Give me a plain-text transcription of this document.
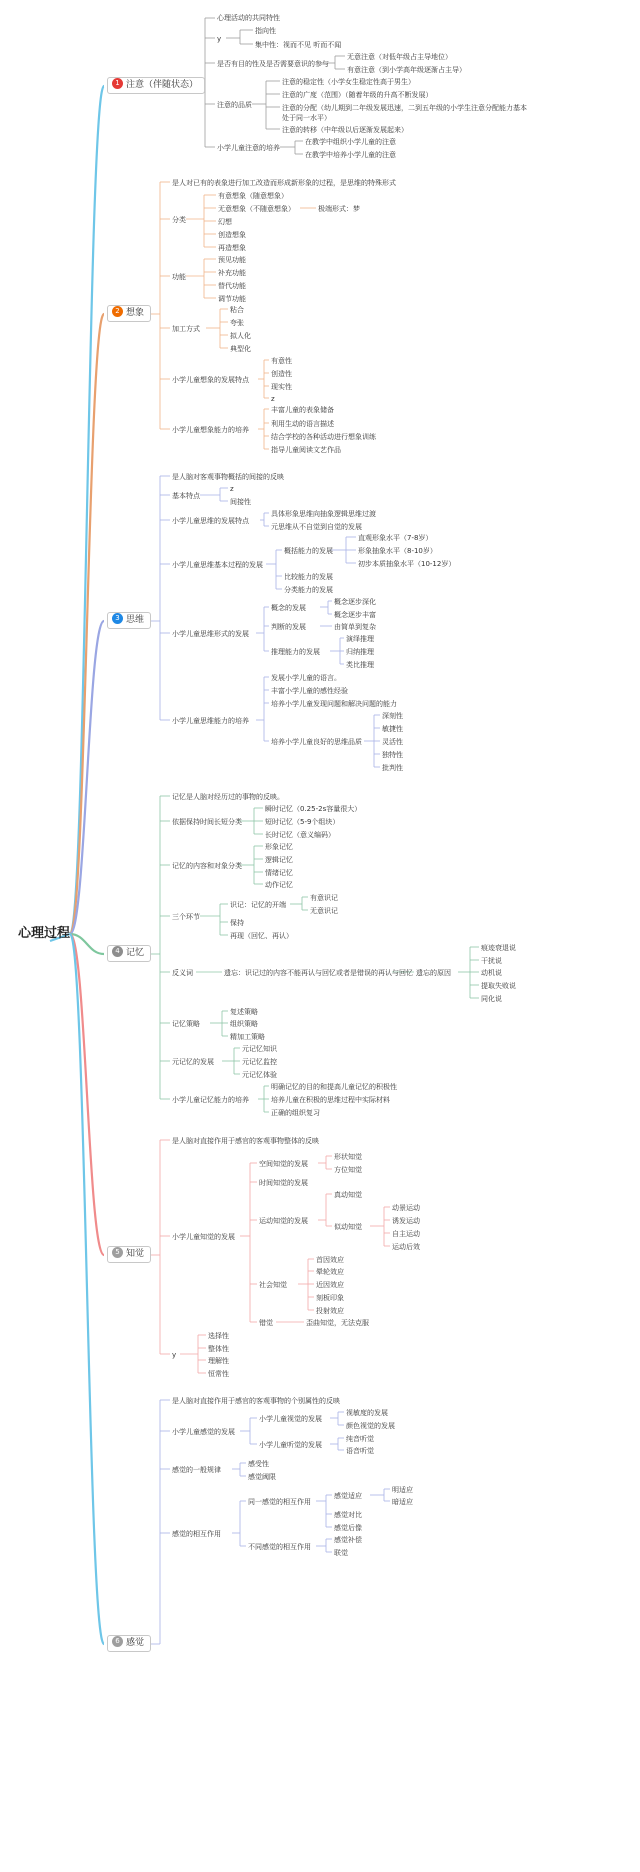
心理过程
1 注意（伴随状态）
2 想象
3 思维
4 记忆
5 知觉
6 感觉
心理活动的共同特性
y
指向性
集中性：视而不见 听而不闻
是否有目的性及是否需要意识的参与
无意注意（对低年级占主导地位）
有意注意（到小学高年级逐渐占主导）
注意的品质
注意的稳定性（小学女生稳定性高于男生）
注意的广度（范围）（随着年级的升高不断发展）
注意的分配（幼儿期到二年级发展迅速，二到五年级的小学生注意分配能力基本
处于同一水平）
注意的转移（中年级以后逐渐发展起来）
小学儿童注意的培养
在教学中组织小学儿童的注意
在教学中培养小学儿童的注意
是人对已有的表象进行加工改造而形成新形象的过程，是思维的特殊形式
分类
有意想象（随意想象）
无意想象（不随意想象）	极端形式：梦
幻想
创造想象
再造想象
功能
预见功能
补充功能
替代功能
调节功能
加工方式
粘合
夸张
拟人化
典型化
小学儿童想象的发展特点
有意性
创造性
现实性
z
小学儿童想象能力的培养
丰富儿童的表象储备
利用生动的语言描述
结合学校的各种活动进行想象训练
指导儿童阅读文艺作品
是人脑对客观事物概括的间接的反映
基本特点
z
间接性
小学儿童思维的发展特点
具体形象思维向抽象逻辑思维过渡
元思维从不自觉到自觉的发展
小学儿童思维基本过程的发展
概括能力的发展
直观形象水平（7-8岁）
形象抽象水平（8-10岁）
初步本质抽象水平（10-12岁）
比较能力的发展
分类能力的发展
小学儿童思维形式的发展
概念的发展
概念逐步深化
概念逐步丰富
判断的发展	由简单到复杂
推理能力的发展
演绎推理
归纳推理
类比推理
小学儿童思维能力的培养
发展小学儿童的语言。
丰富小学儿童的感性经验
培养小学儿童发现问题和解决问题的能力
培养小学儿童良好的思维品质
深刻性
敏捷性
灵活性
独特性
批判性
记忆是人脑对经历过的事物的反映。
依据保持时间长短分类
瞬时记忆（0.25-2s容量很大）
短时记忆（5-9个组块）
长时记忆（意义编码）
记忆的内容和对象分类
形象记忆
逻辑记忆
情绪记忆
动作记忆
三个环节
识记：记忆的开端
有意识记
无意识记
保持
再现（回忆、再认）
反义词	遗忘：识记过的内容不能再认与回忆或者是错误的再认与回忆 遗忘的原因
痕迹衰退说
干扰说
动机说
提取失败说
同化说
记忆策略
复述策略
组织策略
精加工策略
元记忆的发展
元记忆知识
元记忆监控
元记忆体验
小学儿童记忆能力的培养
明确记忆的目的和提高儿童记忆的积极性
培养儿童在积极的思维过程中实际材料
正确的组织复习
是人脑对直接作用于感官的客观事物整体的反映
小学儿童知觉的发展
空间知觉的发展
形状知觉
方位知觉
时间知觉的发展
运动知觉的发展
真动知觉
似动知觉
动景运动
诱发运动
自主运动
运动后效
社会知觉
首因效应
晕轮效应
近因效应
刻板印象
投射效应
错觉	歪曲知觉，无法克服
y
选择性
整体性
理解性
恒常性
是人脑对直接作用于感官的客观事物的个别属性的反映
小学儿童感觉的发展
小学儿童视觉的发展
视敏度的发展
颜色视觉的发展
小学儿童听觉的发展
纯音听觉
语音听觉
感觉的一般规律
感受性
感觉阈限
感觉的相互作用
同一感觉的相互作用
感觉适应
明适应
暗适应
感觉对比
感觉后像
不同感觉的相互作用
感觉补偿
联觉
